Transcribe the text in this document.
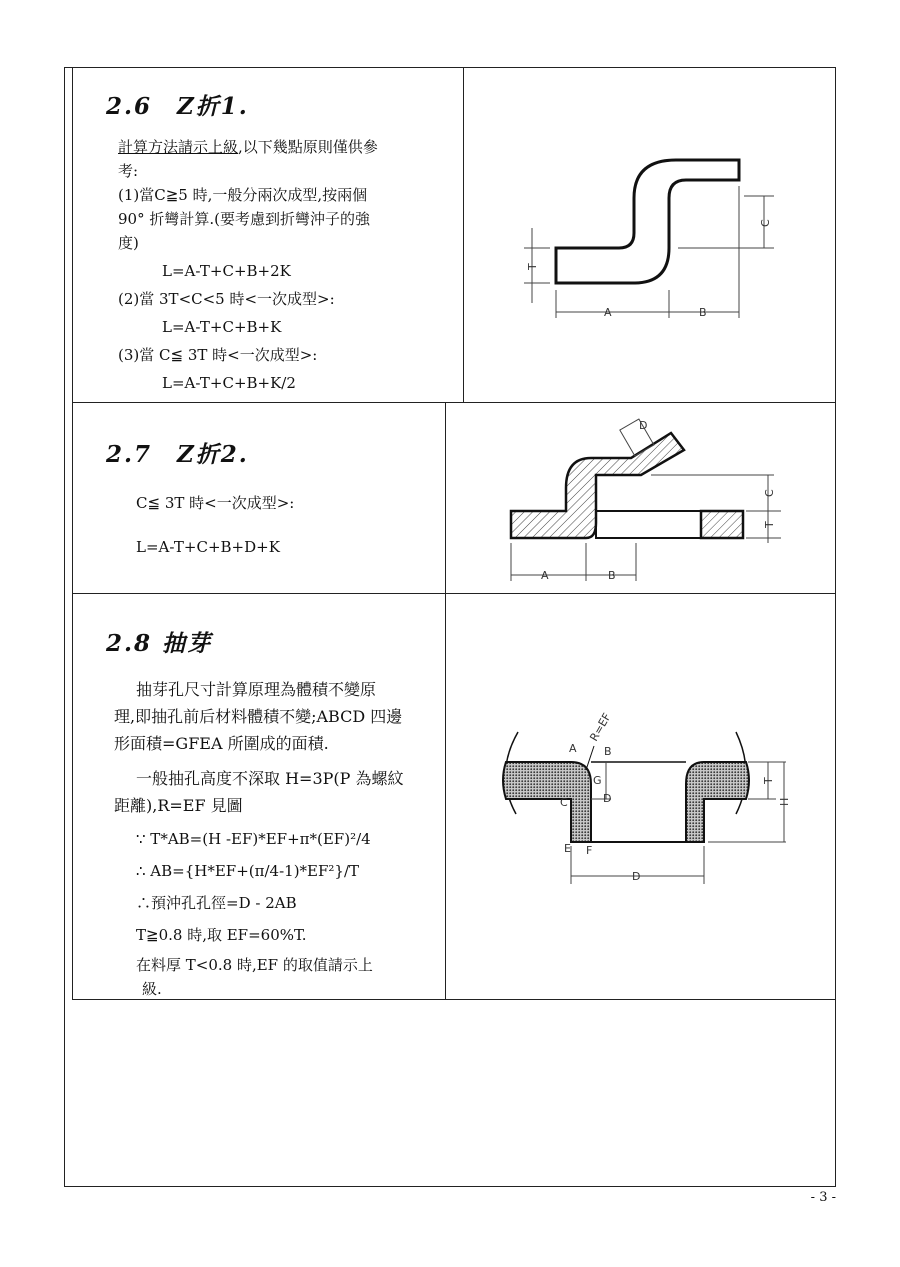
2.6　Z折1.

計算方法請示上級,以下幾點原則僅供參

考:

(1)當C≧5 時,一般分兩次成型,按兩個

90° 折彎計算.(要考慮到折彎沖子的強

度)

L=A-T+C+B+2K

(2)當 3T<C<5 時<一次成型>:

L=A-T+C+B+K

(3)當 C≦ 3T 時<一次成型>:

L=A-T+C+B+K/2

A	B
C
T

2.7　Z折2.

C≦ 3T 時<一次成型>:

L=A-T+C+B+D+K

D
A	B
C
T

2.8 抽芽

抽芽孔尺寸計算原理為體積不變原

理,即抽孔前后材料體積不變;ABCD 四邊

形面積=GFEA 所圍成的面積.

一般抽孔高度不深取 H=3P(P 為螺紋

距離),R=EF 見圖

∵ T*AB=(H -EF)*EF+π*(EF)²/4

∴ AB={H*EF+(π/4-1)*EF²}/T

∴預沖孔孔徑=D - 2AB

T≧0.8 時,取 EF=60%T.

在料厚 T<0.8 時,EF 的取值請示上

級.

A B
C	D
G
E F
R=EF
T
H
D
- 3 -
